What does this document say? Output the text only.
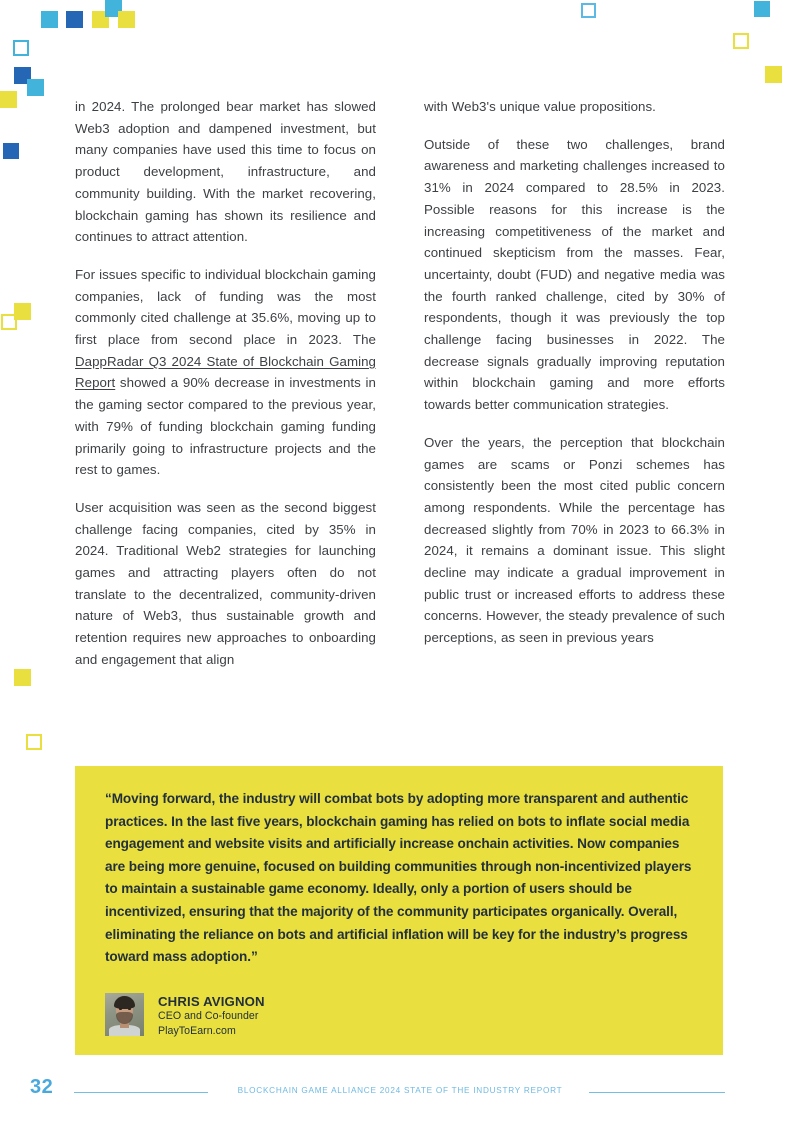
in 2024. The prolonged bear market has slowed Web3 adoption and dampened investment, but many companies have used this time to focus on product development, infrastructure, and community building. With the market recovering, blockchain gaming has shown its resilience and continues to attract attention.

For issues specific to individual blockchain gaming companies, lack of funding was the most commonly cited challenge at 35.6%, moving up to first place from second place in 2023. The DappRadar Q3 2024 State of Blockchain Gaming Report showed a 90% decrease in investments in the gaming sector compared to the previous year, with 79% of funding blockchain gaming funding primarily going to infrastructure projects and the rest to games.

User acquisition was seen as the second biggest challenge facing companies, cited by 35% in 2024. Traditional Web2 strategies for launching games and attracting players often do not translate to the decentralized, community-driven nature of Web3, thus sustainable growth and retention requires new approaches to onboarding and engagement that align

with Web3's unique value propositions.

Outside of these two challenges, brand awareness and marketing challenges increased to 31% in 2024 compared to 28.5% in 2023. Possible reasons for this increase is the increasing competitiveness of the market and continued skepticism from the masses. Fear, uncertainty, doubt (FUD) and negative media was the fourth ranked challenge, cited by 30% of respondents, though it was previously the top challenge facing businesses in 2022. The decrease signals gradually improving reputation within blockchain gaming and more efforts towards better communication strategies.

Over the years, the perception that blockchain games are scams or Ponzi schemes has consistently been the most cited public concern among respondents. While the percentage has decreased slightly from 70% in 2023 to 66.3% in 2024, it remains a dominant issue. This slight decline may indicate a gradual improvement in public trust or increased efforts to address these concerns. However, the steady prevalence of such perceptions, as seen in previous years

“Moving forward, the industry will combat bots by adopting more transparent and authentic practices. In the last five years, blockchain gaming has relied on bots to inflate social media engagement and website visits and artificially increase onchain activities. Now companies are being more genuine, focused on building communities through non-incentivized players to maintain a sustainable game economy. Ideally, only a portion of users should be incentivized, ensuring that the majority of the community participates organically. Overall, eliminating the reliance on bots and artificial inflation will be key for the industry’s progress toward mass adoption.”

CHRIS AVIGNON
CEO and Co-founder
PlayToEarn.com
32	BLOCKCHAIN GAME ALLIANCE 2024 STATE OF THE INDUSTRY REPORT
